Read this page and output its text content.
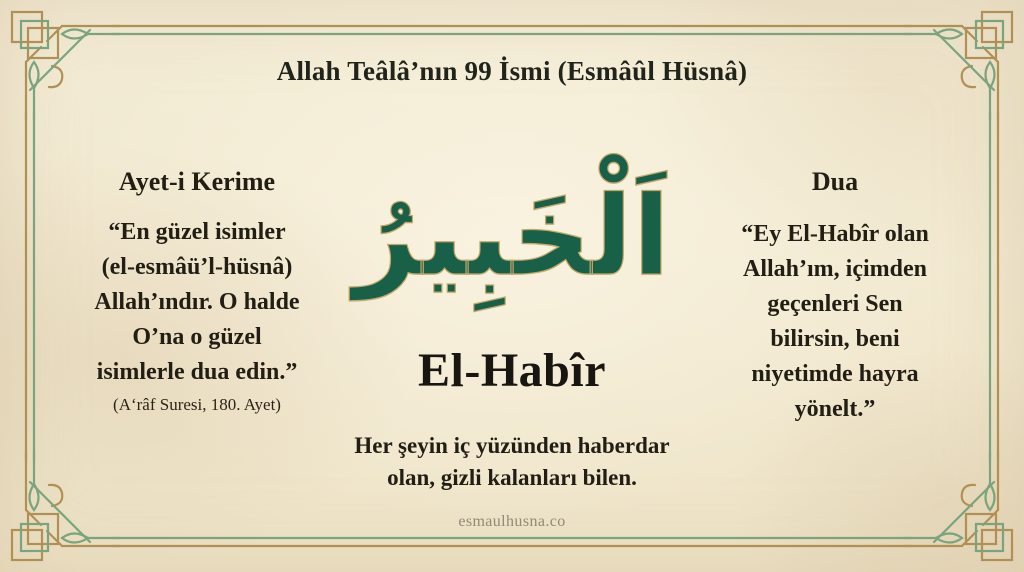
Allah Teâlâ’nın 99 İsmi (Esmâûl Hüsnâ)
Ayet-i Kerime
“En güzel isimler
(el-esmâü’l-hüsnâ)
Allah’ındır. O halde
O’na o güzel
isimlerle dua edin.”
(A‘râf Suresi, 180. Ayet)
اَلْخَبِيرُ
El-Habîr
Her şeyin iç yüzünden haberdar
olan, gizli kalanları bilen.
Dua
“Ey El-Habîr olan
Allah’ım, içimden
geçenleri Sen
bilirsin, beni
niyetimde hayra
yönelt.”
esmaulhusna.co
